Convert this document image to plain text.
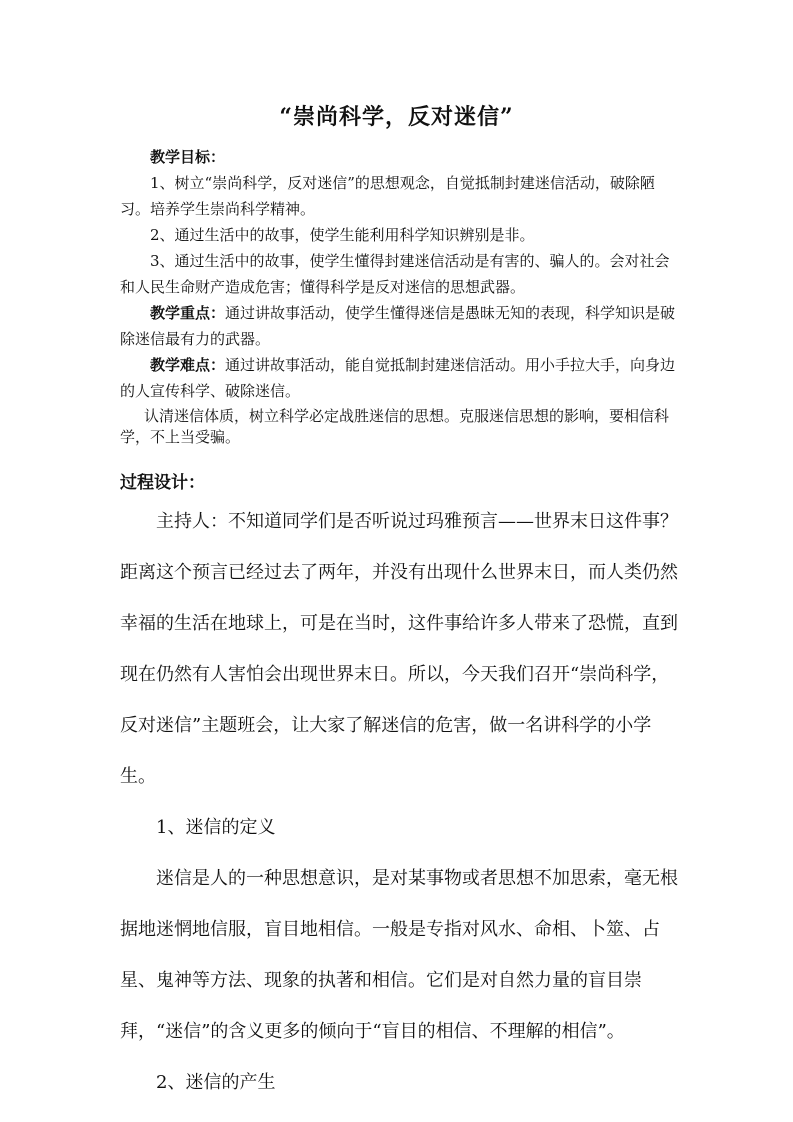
“崇尚科学，反对迷信”

教学目标：

1、树立“崇尚科学，反对迷信”的思想观念，自觉抵制封建迷信活动，破除陋习。培养学生崇尚科学精神。

2、通过生活中的故事，使学生能利用科学知识辨别是非。

3、通过生活中的故事，使学生懂得封建迷信活动是有害的、骗人的。会对社会和人民生命财产造成危害；懂得科学是反对迷信的思想武器。

教学重点：通过讲故事活动，使学生懂得迷信是愚昧无知的表现，科学知识是破除迷信最有力的武器。

教学难点：通过讲故事活动，能自觉抵制封建迷信活动。用小手拉大手，向身边的人宣传科学、破除迷信。

认清迷信体质，树立科学必定战胜迷信的思想。克服迷信思想的影响，要相信科学，不上当受骗。

过程设计：

主持人：不知道同学们是否听说过玛雅预言——世界末日这件事？距离这个预言已经过去了两年，并没有出现什么世界末日，而人类仍然幸福的生活在地球上，可是在当时，这件事给许多人带来了恐慌，直到现在仍然有人害怕会出现世界末日。所以，今天我们召开“崇尚科学，反对迷信”主题班会，让大家了解迷信的危害，做一名讲科学的小学生。

1、迷信的定义

迷信是人的一种思想意识，是对某事物或者思想不加思索，毫无根据地迷惘地信服，盲目地相信。一般是专指对风水、命相、卜筮、占星、鬼神等方法、现象的执著和相信。它们是对自然力量的盲目崇拜，“迷信”的含义更多的倾向于“盲目的相信、不理解的相信”。

2、迷信的产生
